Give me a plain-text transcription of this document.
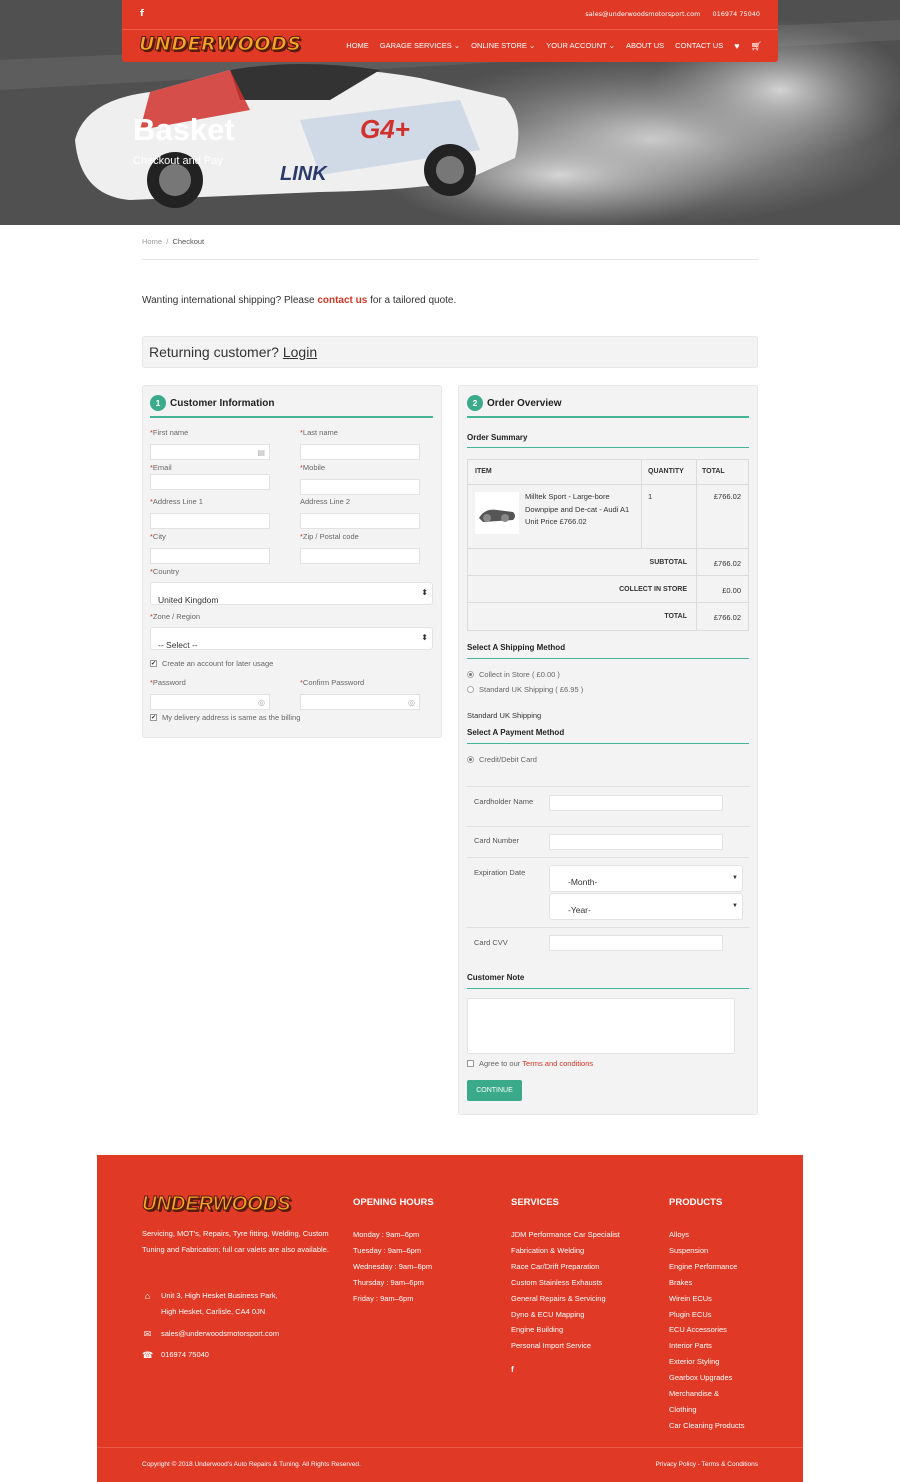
G4+
LINK
f	sales@underwoodsmotorsport.com 016974 75040
UNDERWOODS	HOME GARAGE SERVICES ⌄ ONLINE STORE ⌄ YOUR ACCOUNT ⌄ ABOUT US CONTACT US ♥ 🛒︎
Basket
Checkout and Pay
Home / Checkout
Wanting international shipping? Please contact us for a tailored quote.
Returning customer? Login
1 Customer Information
*First name
▤
*Last name
*Email	*Mobile
*Address Line 1	Address Line 2
*City	*Zip / Postal code
*Country
United Kingdom
⬍
*Zone / Region
-- Select --
⬍
✔ Create an account for later usage
*Password
◎
*Confirm Password
◎
✔ My delivery address is same as the billing
2 Order Overview
Order Summary
ITEM	QUANTITY	TOTAL
Milltek Sport - Large-bore Downpipe and De-cat - Audi A1
Unit Price £766.02
1	£766.02
SUBTOTAL	£766.02
COLLECT IN STORE	£0.00
TOTAL	£766.02
Select A Shipping Method
Collect in Store ( £0.00 )
Standard UK Shipping ( £6.95 )
Standard UK Shipping
Select A Payment Method
Credit/Debit Card
Cardholder Name
Card Number
Expiration Date
-Month-	▼
-Year-	▼
Card CVV
Customer Note
Agree to our Terms and conditions
CONTINUE
UNDERWOODS
Servicing, MOT's, Repairs, Tyre fitting, Welding, Custom Tuning and Fabrication; full car valets are also available.
⌂	Unit 3, High Hesket Business Park,
High Hesket, Carlisle, CA4 0JN
✉ sales@underwoodsmotorsport.com
☎ 016974 75040
OPENING HOURS
Monday : 9am–6pm
Tuesday : 9am–6pm
Wednesday : 9am–6pm
Thursday : 9am–6pm
Friday : 9am–6pm
SERVICES
JDM Performance Car Specialist
Fabrication & Welding
Race Car/Drift Preparation
Custom Stainless Exhausts
General Repairs & Servicing
Dyno & ECU Mapping
Engine Building
Personal Import Service
f
PRODUCTS
Alloys
Suspension
Engine Performance
Brakes
Wirein ECUs
Plugin ECUs
ECU Accessories
Interior Parts
Exterior Styling
Gearbox Upgrades
Merchandise &
Clothing
Car Cleaning Products
Copyright © 2018 Underwood's Auto Repairs & Tuning. All Rights Reserved.	Privacy Policy - Terms & Conditions
